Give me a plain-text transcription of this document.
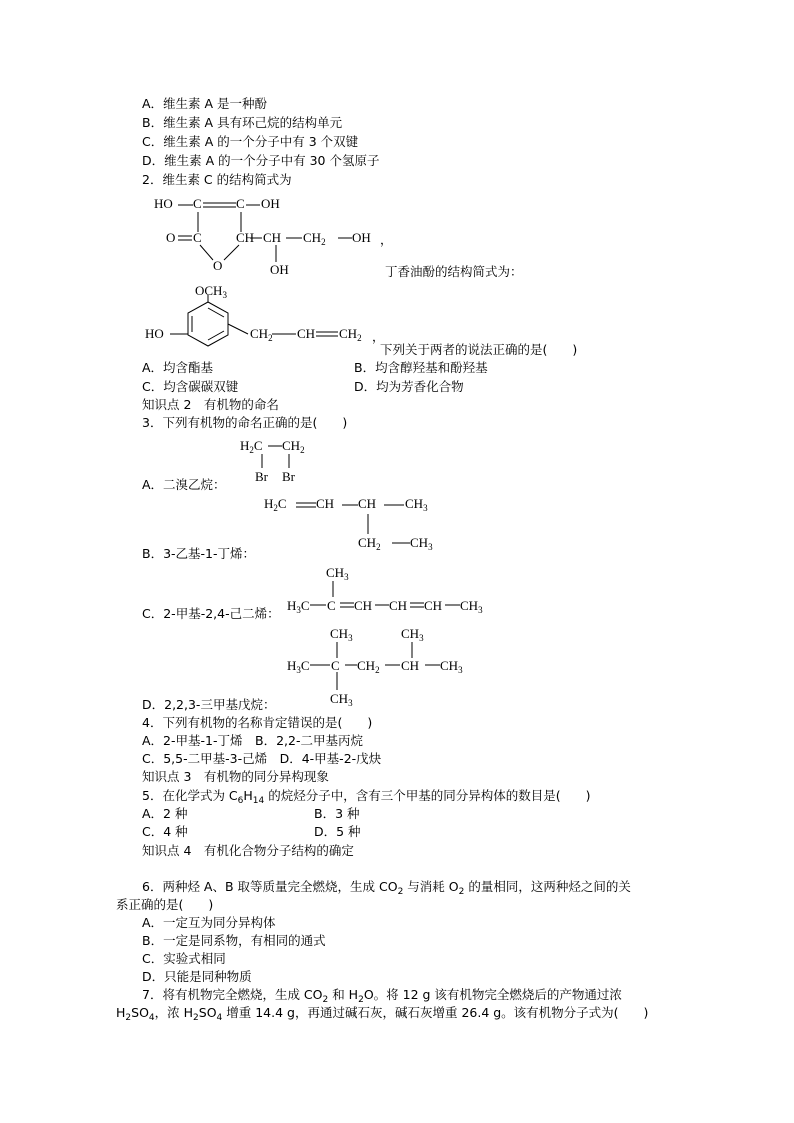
A．维生素 A 是一种酚
B．维生素 A 具有环己烷的结构单元
C．维生素 A 的一个分子中有 3 个双键
D．维生素 A 的一个分子中有 30 个氢原子
2．维生素 C 的结构简式为
HO C	C OH
O C	CH CH $CH_2$ OH
O	OH
，
丁香油酚的结构简式为：
$OCH_3$
HO	$CH_2$ CH $CH_2$ ，
下列关于两者的说法正确的是(　　)
A．均含酯基	B．均含醇羟基和酚羟基
C．均含碳碳双键	D．均为芳香化合物
知识点 2　有机物的命名
3．下列有机物的命名正确的是(　　)
$H_2C$ $CH_2$
Br Br
A．二溴乙烷：
$H_2C$ CH CH $CH_3$
$CH_2$ $CH_3$
B．3-乙基-1-丁烯：
$CH_3$
$H_3C$ C CH CH CH $CH_3$
C．2-甲基-2,4-己二烯：
$CH_3$	$CH_3$
$H_3C$ C $CH_2$ CH $CH_3$
$CH_3$
D．2,2,3-三甲基戊烷：
4．下列有机物的名称肯定错误的是(　　)
A．2-甲基-1-丁烯　B．2,2-二甲基丙烷
C．5,5-二甲基-3-己烯　D．4-甲基-2-戊炔
知识点 3　有机物的同分异构现象
5．在化学式为 $C_6H_{14}$ 的烷烃分子中，含有三个甲基的同分异构体的数目是(　　)
A．2 种	B．3 种
C．4 种	D．5 种
知识点 4　有机化合物分子结构的确定
6．两种烃 A、B 取等质量完全燃烧，生成 $CO_2$ 与消耗 $O_2$ 的量相同，这两种烃之间的关
系正确的是(　　)
A．一定互为同分异构体
B．一定是同系物，有相同的通式
C．实验式相同
D．只能是同种物质
7．将有机物完全燃烧，生成 $CO_2$ 和 $H_2O$。将 12 g 该有机物完全燃烧后的产物通过浓
$H_2SO_4$，浓 $H_2SO_4$ 增重 14.4 g，再通过碱石灰，碱石灰增重 26.4 g。该有机物分子式为(　　)
